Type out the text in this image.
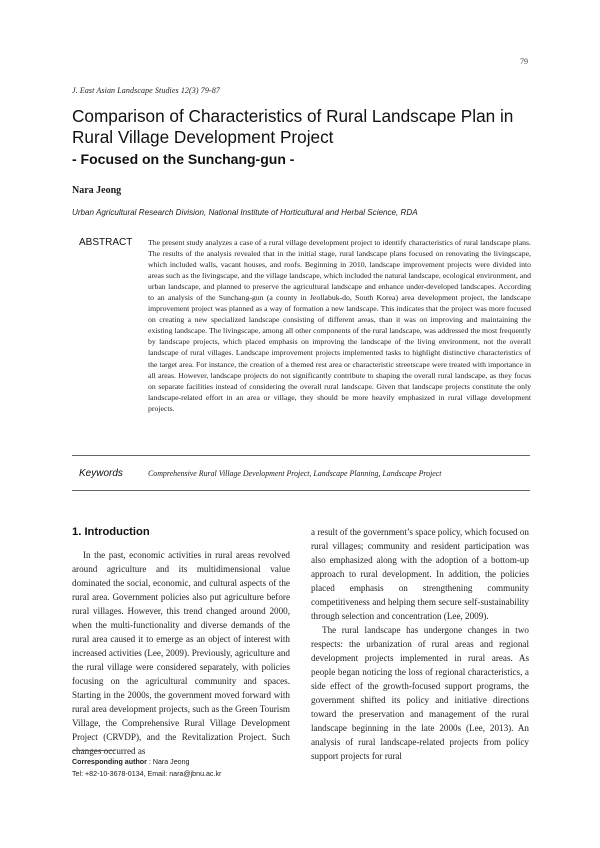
79
J. East Asian Landscape Studies 12(3) 79-87
Comparison of Characteristics of Rural Landscape Plan in Rural Village Development Project
- Focused on the Sunchang-gun -
Nara Jeong
Urban Agricultural Research Division, National Institute of Horticultural and Herbal Science, RDA
ABSTRACT The present study analyzes a case of a rural village development project to identify characteristics of rural landscape plans. The results of the analysis revealed that in the initial stage, rural landscape plans focused on renovating the livingscape, which included walls, vacant houses, and roofs. Beginning in 2010, landscape improvement projects were divided into areas such as the livingscape, and the village landscape, which included the natural landscape, ecological environment, and urban landscape, and planned to preserve the agricultural landscape and enhance under-developed landscapes. According to an analysis of the Sunchang-gun (a county in Jeollabuk-do, South Korea) area development project, the landscape improvement project was planned as a way of formation a new landscape. This indicates that the project was more focused on creating a new specialized landscape consisting of different areas, than it was on improving and maintaining the existing landscape. The livingscape, among all other components of the rural landscape, was addressed the most frequently by landscape projects, which placed emphasis on improving the landscape of the living environment, not the overall landscape of rural villages. Landscape improvement projects implemented tasks to highlight distinctive characteristics of the target area. For instance, the creation of a themed rest area or characteristic streetscape were treated with importance in all areas. However, landscape projects do not significantly contribute to shaping the overall rural landscape, as they focus on separate facilities instead of considering the overall rural landscape. Given that landscape projects constitute the only landscape-related effort in an area or village, they should be more heavily emphasized in rural village development projects.

Keywords	Comprehensive Rural Village Development Project, Landscape Planning, Landscape Project
1. Introduction

In the past, economic activities in rural areas revolved around agriculture and its multidimensional value dominated the social, economic, and cultural aspects of the rural area. Government policies also put agriculture before rural villages. However, this trend changed around 2000, when the multi-functionality and diverse demands of the rural area caused it to emerge as an object of interest with increased activities (Lee, 2009). Previously, agriculture and the rural village were considered separately, with policies focusing on the agricultural community and spaces. Starting in the 2000s, the government moved forward with rural area development projects, such as the Green Tourism Village, the Comprehensive Rural Village Development Project (CRVDP), and the Revitalization Project. Such changes occurred as

a result of the government’s space policy, which focused on rural villages; community and resident participation was also emphasized along with the adoption of a bottom-up approach to rural development. In addition, the policies placed emphasis on strengthening community competitiveness and helping them secure self-sustainability through selection and concentration (Lee, 2009).

The rural landscape has undergone changes in two respects: the urbanization of rural areas and regional development projects implemented in rural areas. As people began noticing the loss of regional characteristics, a side effect of the growth-focused support programs, the government shifted its policy and initiative directions toward the preservation and management of the rural landscape beginning in the late 2000s (Lee, 2013). An analysis of rural landscape-related projects from policy support projects for rural

Corresponding author : Nara Jeong
Tel: +82-10-3678-0134, Email: nara@jbnu.ac.kr
